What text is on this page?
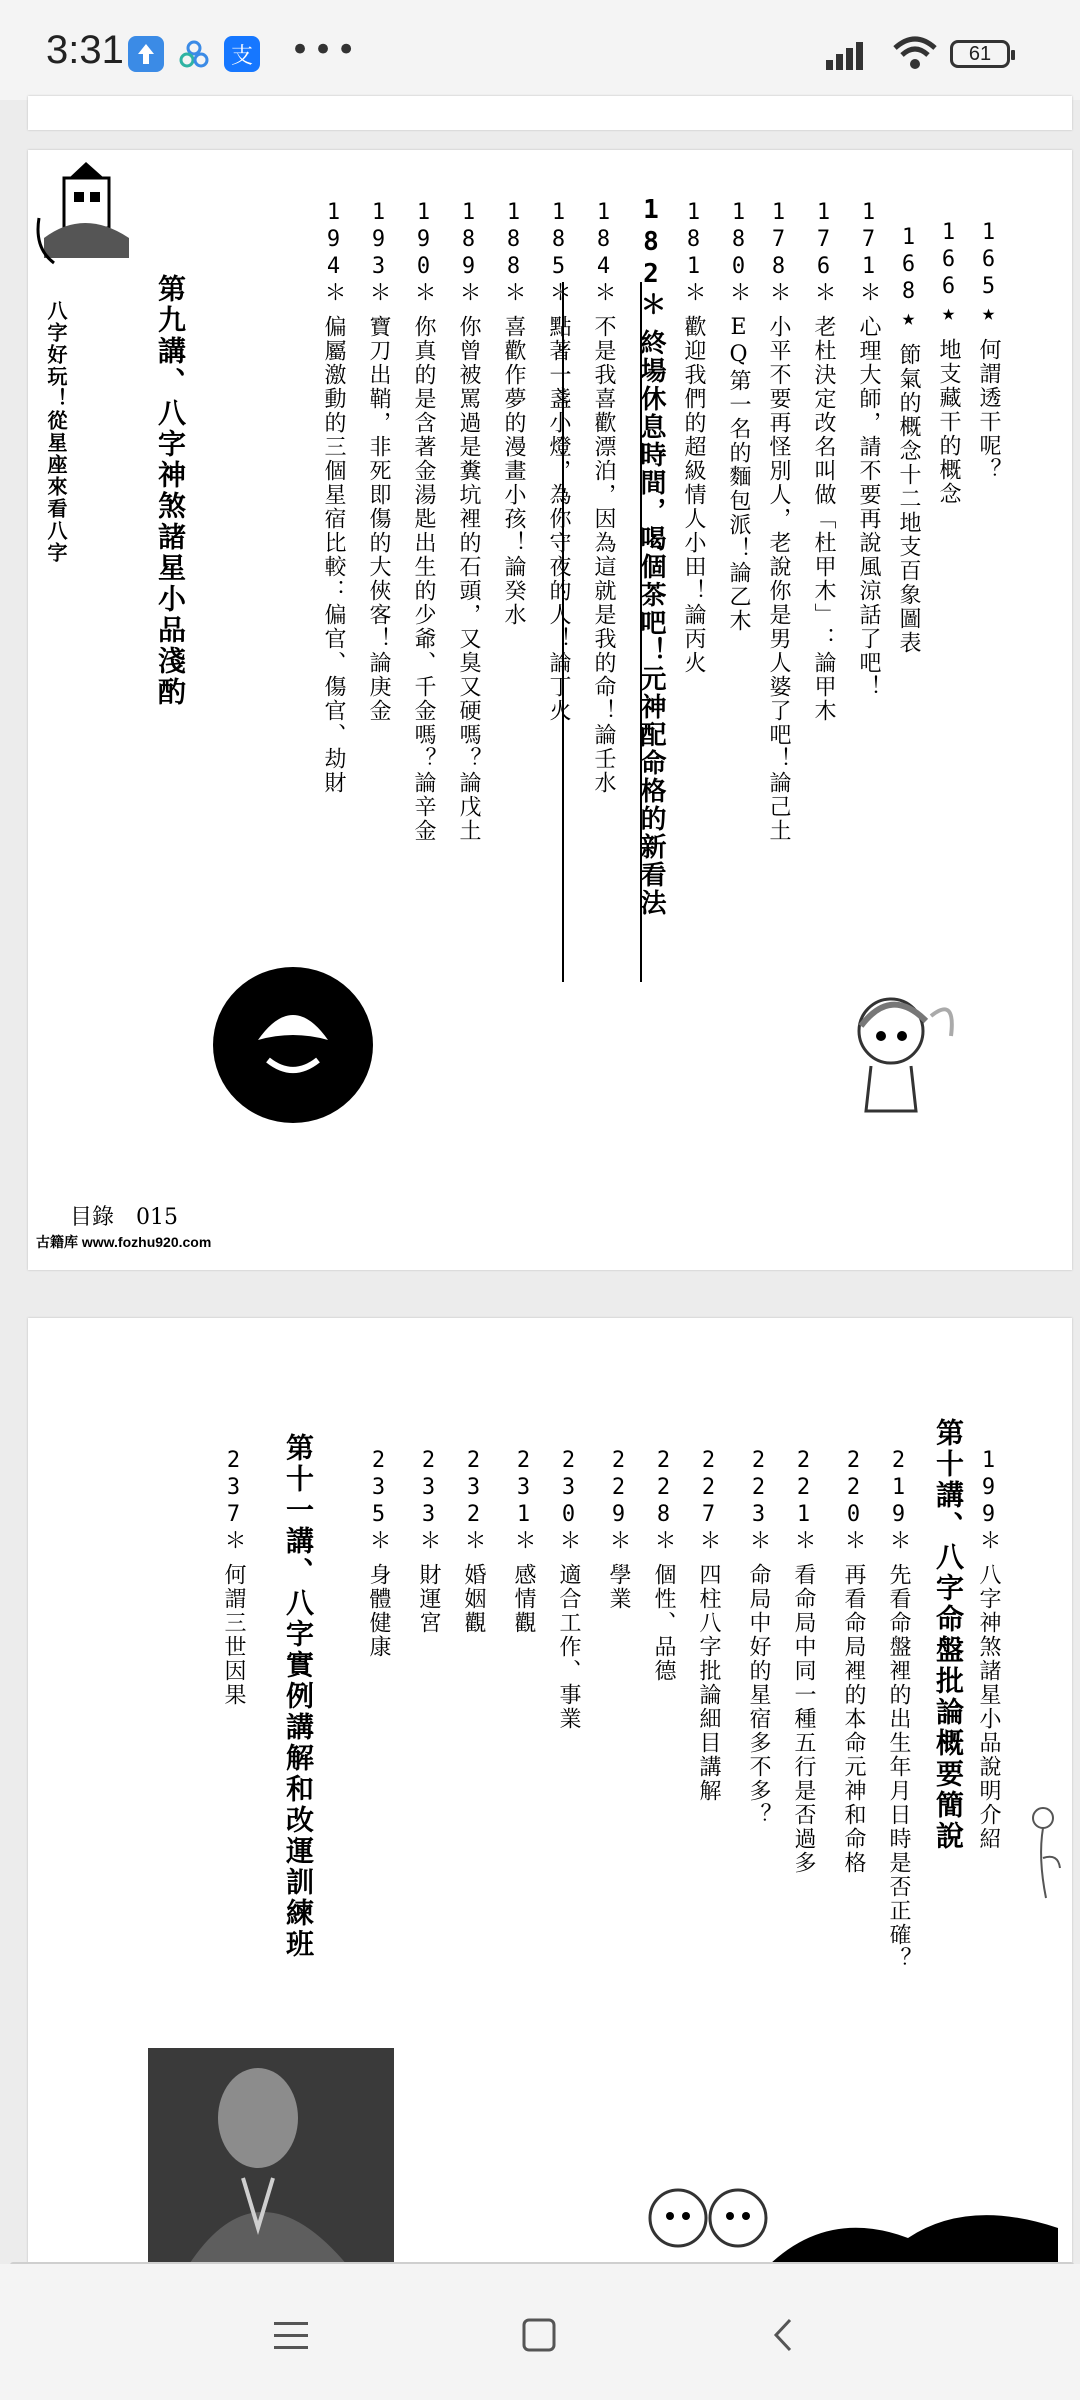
3:31	支 •••	61
八字好玩！從星座來看八字
165★何謂透干呢？
166★地支藏干的概念
168★節氣的概念十二地支百象圖表
171＊心理大師，請不要再說風涼話了吧！
176＊老杜決定改名叫做「杜甲木」：論甲木
178＊小平不要再怪別人，老說你是男人婆了吧！論己土
180＊EQ第一名的麵包派！論乙木
181＊歡迎我們的超級情人小田！論丙火
182＊終場休息時間，喝個茶吧！元神配命格的新看法
184＊不是我喜歡漂泊，因為這就是我的命！論壬水
185＊點著一盞小燈，為你守夜的人！論丁火
188＊喜歡作夢的漫畫小孩！論癸水
189＊你曾被罵過是糞坑裡的石頭，又臭又硬嗎？論戊土
190＊你真的是含著金湯匙出生的少爺、千金嗎？論辛金
193＊寶刀出鞘，非死即傷的大俠客！論庚金
194＊偏屬激動的三個星宿比較：偏官、傷官、劫財
第九講、八字神煞諸星小品淺酌
目錄　015
古籍库 www.fozhu920.com
199＊八字神煞諸星小品說明介紹
第十講、八字命盤批論概要簡說
219＊先看命盤裡的出生年月日時是否正確？
220＊再看命局裡的本命元神和命格
221＊看命局中同一種五行是否過多
223＊命局中好的星宿多不多？
227＊四柱八字批論細目講解
228＊個性、品德
229＊學業
230＊適合工作、事業
231＊感情觀
232＊婚姻觀
233＊財運宮
235＊身體健康
第十一講、八字實例講解和改運訓練班
237＊何謂三世因果
